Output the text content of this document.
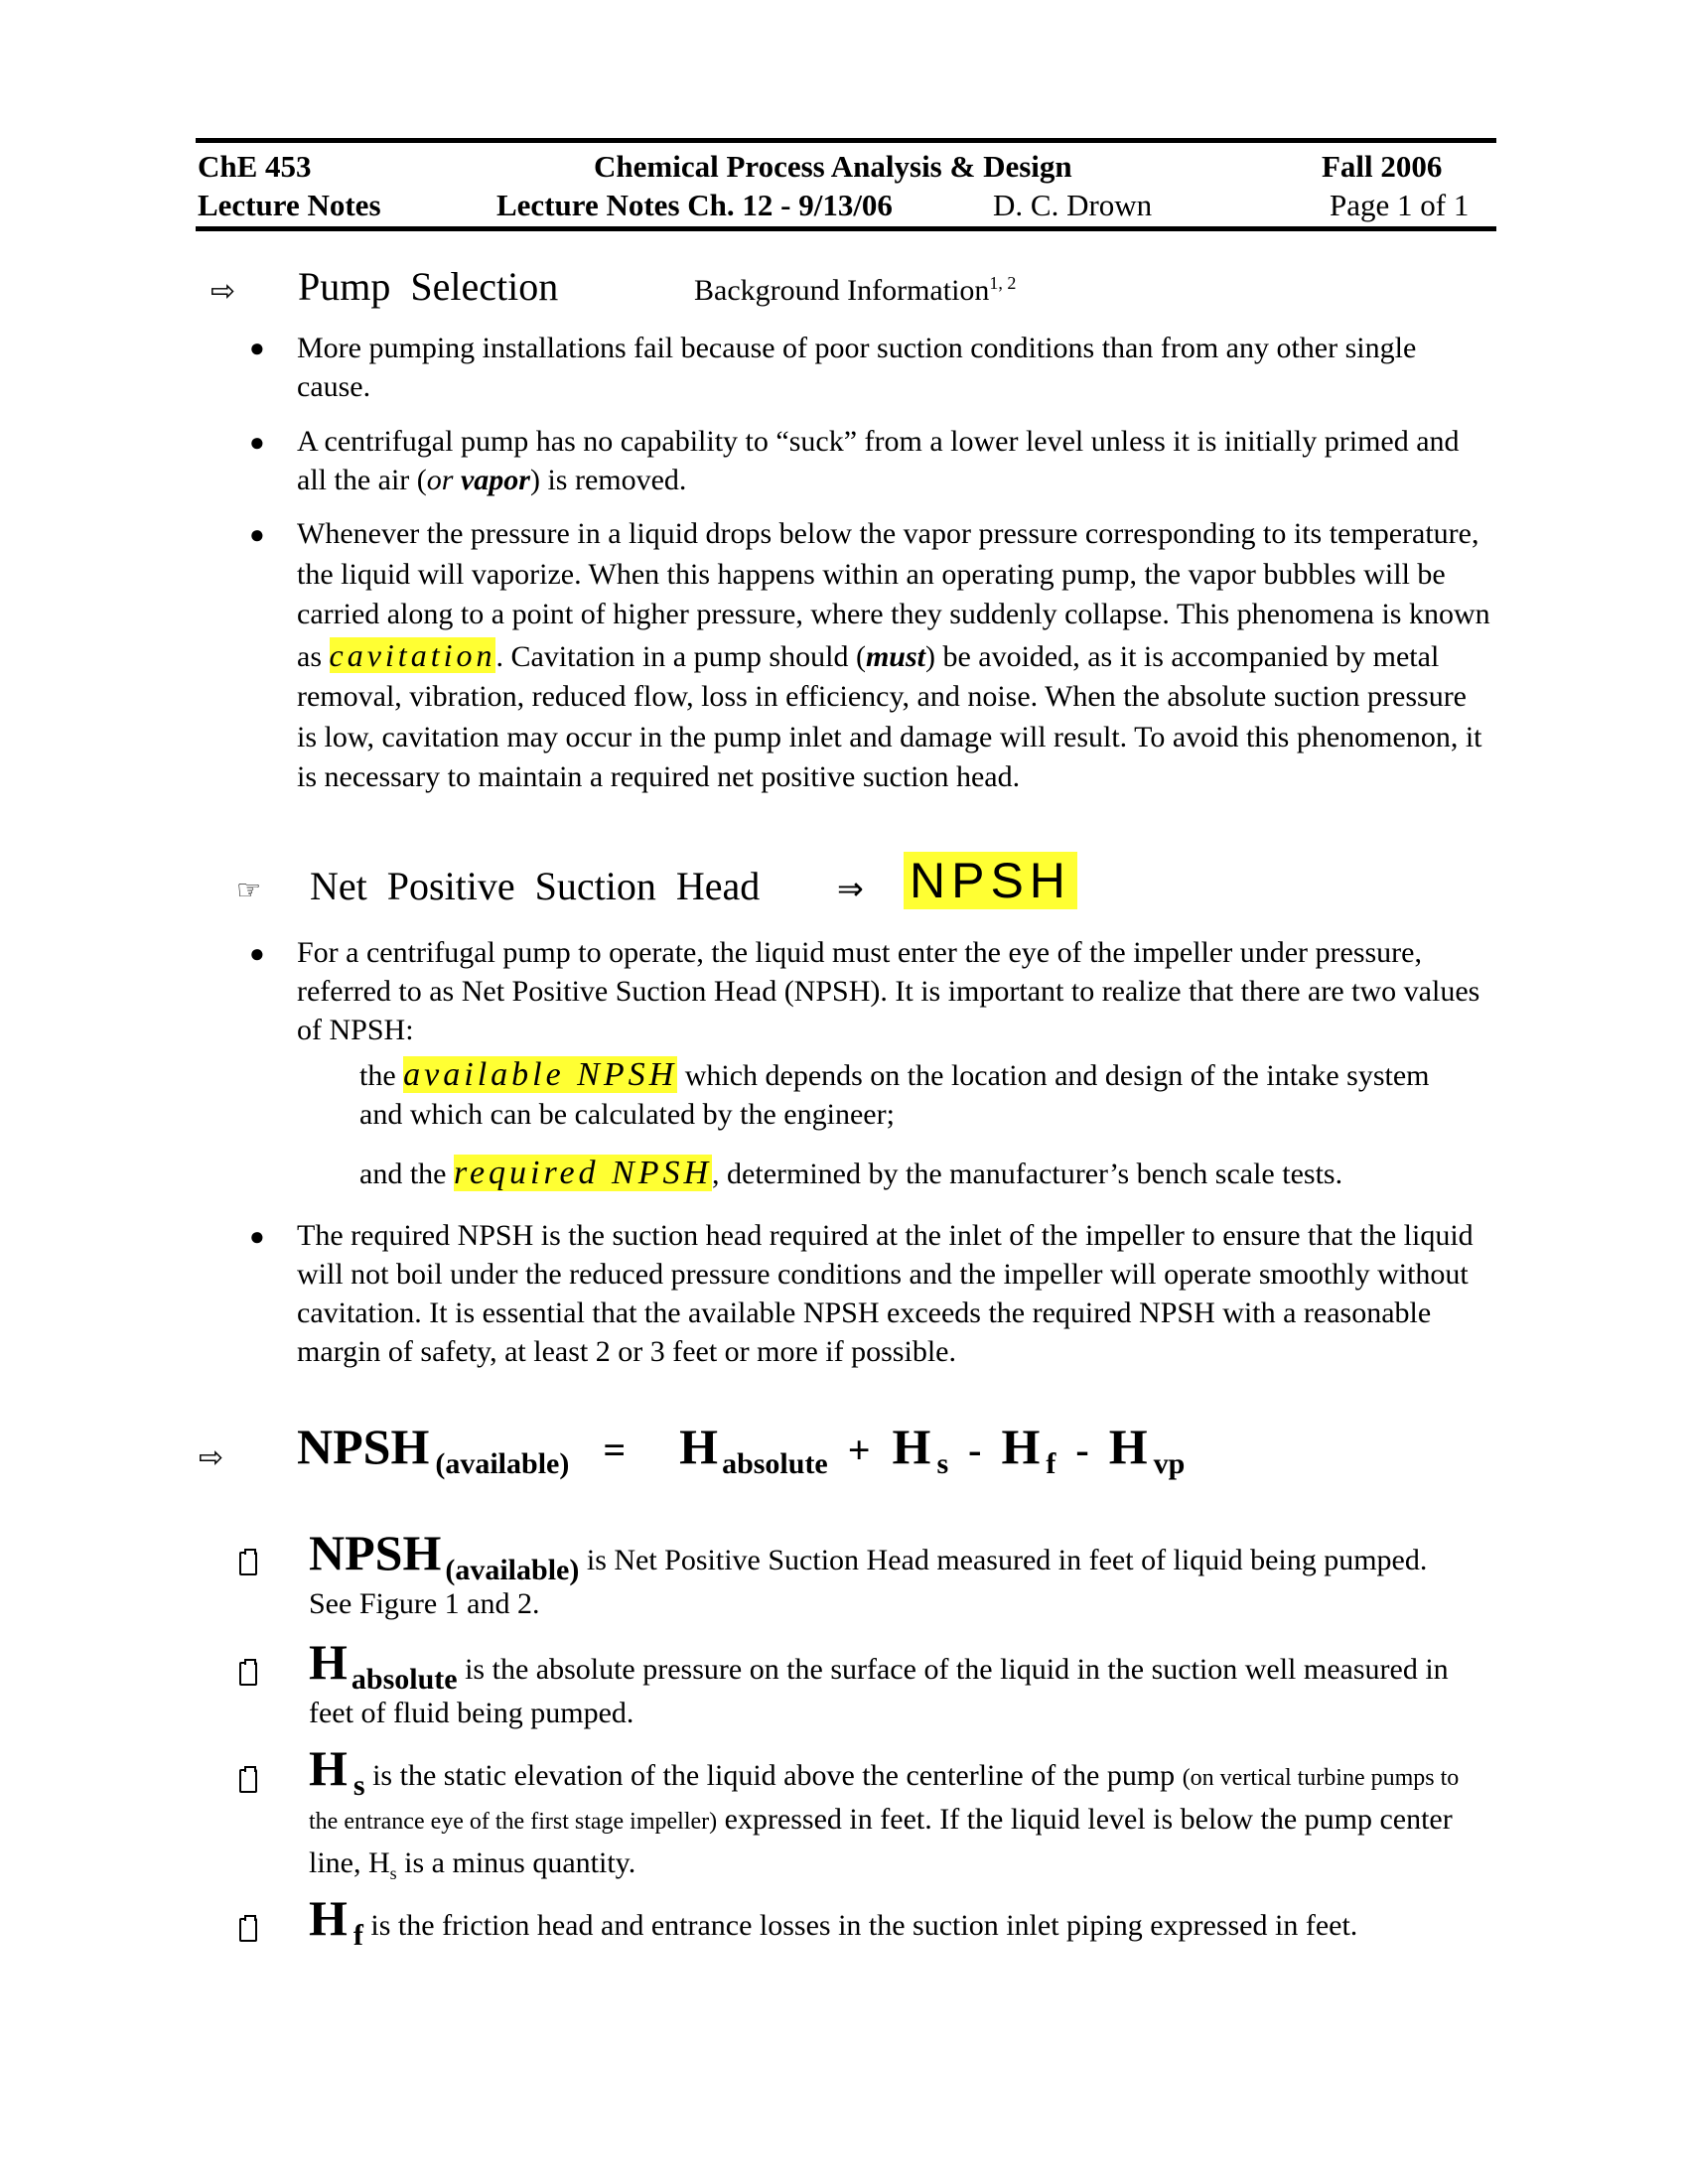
ChE 453	Chemical Process Analysis & Design	Fall 2006
Lecture Notes	Lecture Notes Ch. 12 - 9/13/06	D. C. Drown	Page 1 of 1
⇨ Pump  Selection	Background Information$^{1, 2}$
● More pumping installations fail because of poor suction conditions than from any other single cause.
● A centrifugal pump has no capability to “suck” from a lower level unless it is initially primed and all the air (or vapor) is removed.
● Whenever the pressure in a liquid drops below the vapor pressure corresponding to its temperature, the liquid will vaporize. When this happens within an operating pump, the vapor bubbles will be carried along to a point of higher pressure, where they suddenly collapse. This phenomena is known as cavitation. Cavitation in a pump should (must) be avoided, as it is accompanied by metal removal, vibration, reduced flow, loss in efficiency, and noise. When the absolute suction pressure is low, cavitation may occur in the pump inlet and damage will result. To avoid this phenomenon, it is necessary to maintain a required net positive suction head.
☞ Net  Positive  Suction  Head ⇒ NPSH
● For a centrifugal pump to operate, the liquid must enter the eye of the impeller under pressure, referred to as Net Positive Suction Head (NPSH). It is important to realize that there are two values of NPSH:
the available NPSH which depends on the location and design of the intake system and which can be calculated by the engineer;
and the required NPSH, determined by the manufacturer’s bench scale tests.
● The required NPSH is the suction head required at the inlet of the impeller to ensure that the liquid will not boil under the reduced pressure conditions and the impeller will operate smoothly without cavitation. It is essential that the available NPSH exceeds the required NPSH with a reasonable margin of safety, at least 2 or 3 feet or more if possible.
⇨ NPSH (available) = H absolute + H s - H f - H vp
NPSH (available) is Net Positive Suction Head measured in feet of liquid being pumped. See Figure 1 and 2.
Habsolute is the absolute pressure on the surface of the liquid in the suction well measured in feet of fluid being pumped.
Hs is the static elevation of the liquid above the centerline of the pump (on vertical turbine pumps to the entrance eye of the first stage impeller) expressed in feet. If the liquid level is below the pump center line, $H_s$ is a minus quantity.
Hf is the friction head and entrance losses in the suction inlet piping expressed in feet.
